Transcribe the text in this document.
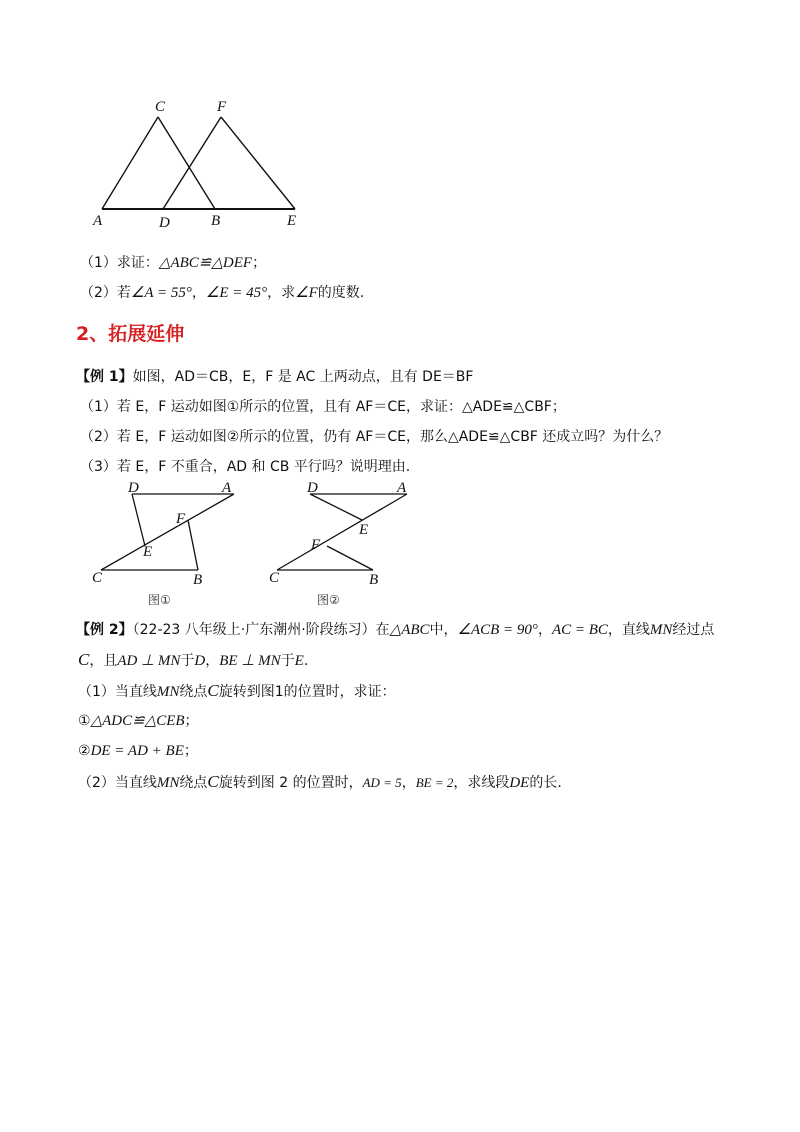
C	F
A	D	B	E
（1）求证：△ABC≌△DEF；
（2）若∠A = 55°，∠E = 45°，求∠F的度数.
2、拓展延伸
【例 1】如图，AD＝CB，E，F 是 AC 上两动点，且有 DE＝BF
（1）若 E，F 运动如图①所示的位置，且有 AF＝CE，求证：△ADE≌△CBF；
（2）若 E，F 运动如图②所示的位置，仍有 AF＝CE，那么△ADE≌△CBF 还成立吗？为什么？
（3）若 E，F 不重合，AD 和 CB 平行吗？说明理由.
D	A
F
E
C	B
图①
D	A
E
F
C	B
图②
【例 2】（22-23 八年级上·广东潮州·阶段练习）在△ABC中，∠ACB = 90°，AC = BC，直线MN经过点
C，且AD ⊥ MN于D，BE ⊥ MN于E.
（1）当直线MN绕点C旋转到图1的位置时，求证：
①△ADC≌△CEB；
②DE = AD + BE；
（2）当直线MN绕点C旋转到图 2 的位置时，AD = 5，BE = 2，求线段DE的长.
